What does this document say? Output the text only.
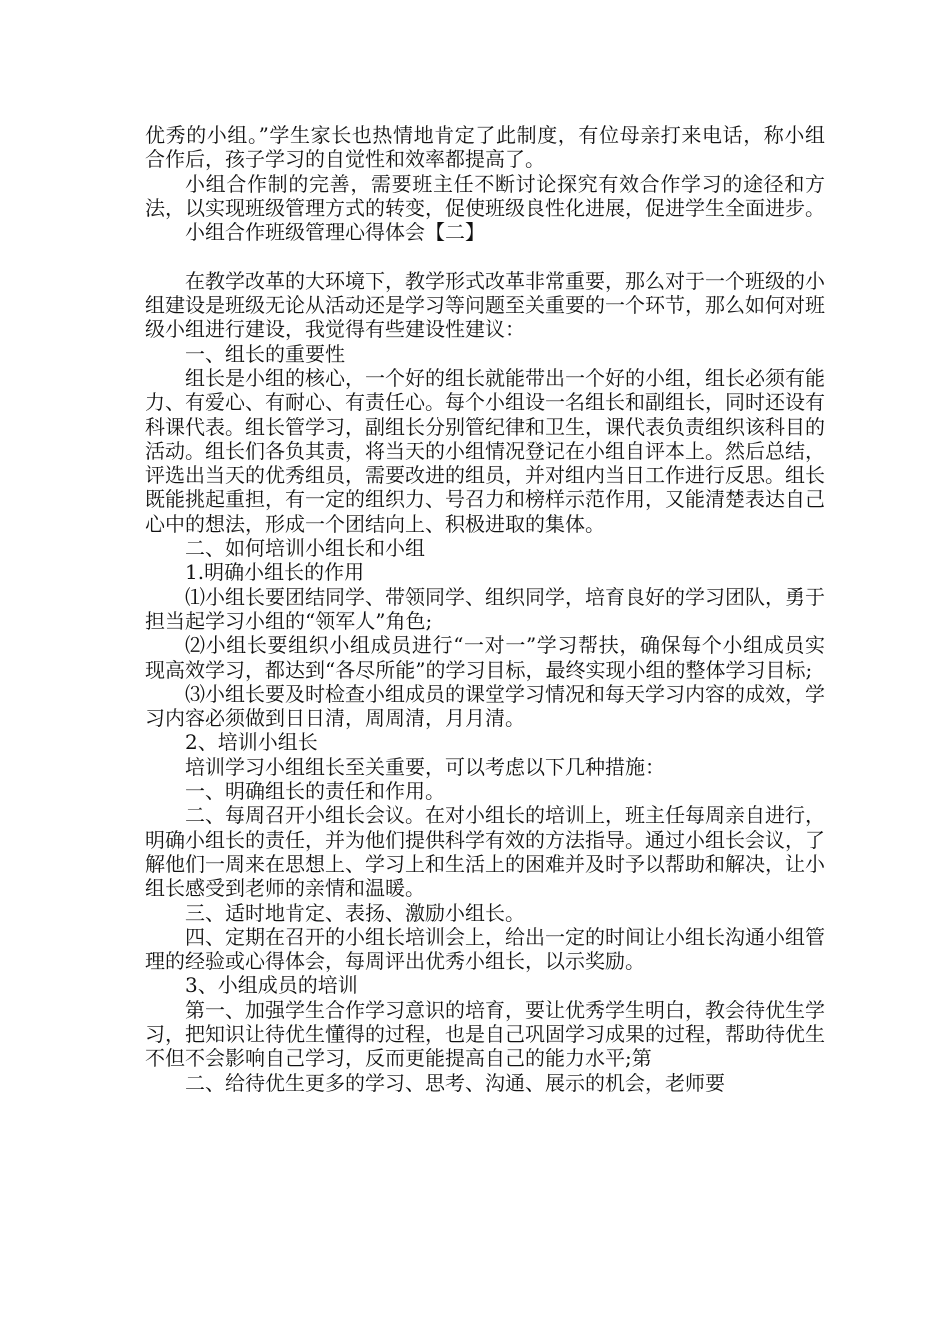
优秀的小组。”学生家长也热情地肯定了此制度，有位母亲打来电话，称小组合作后，孩子学习的自觉性和效率都提高了。

小组合作制的完善，需要班主任不断讨论探究有效合作学习的途径和方法，以实现班级管理方式的转变，促使班级良性化进展，促进学生全面进步。

小组合作班级管理心得体会【二】

在教学改革的大环境下，教学形式改革非常重要，那么对于一个班级的小组建设是班级无论从活动还是学习等问题至关重要的一个环节，那么如何对班级小组进行建设，我觉得有些建设性建议：

一、组长的重要性

组长是小组的核心，一个好的组长就能带出一个好的小组，组长必须有能力、有爱心、有耐心、有责任心。每个小组设一名组长和副组长，同时还设有科课代表。组长管学习，副组长分别管纪律和卫生，课代表负责组织该科目的活动。组长们各负其责，将当天的小组情况登记在小组自评本上。然后总结，评选出当天的优秀组员，需要改进的组员，并对组内当日工作进行反思。组长既能挑起重担，有一定的组织力、号召力和榜样示范作用，又能清楚表达自己心中的想法，形成一个团结向上、积极进取的集体。

二、如何培训小组长和小组

1.明确小组长的作用

⑴小组长要团结同学、带领同学、组织同学，培育良好的学习团队，勇于担当起学习小组的“领军人”角色;

⑵小组长要组织小组成员进行“一对一”学习帮扶，确保每个小组成员实现高效学习，都达到“各尽所能”的学习目标，最终实现小组的整体学习目标;

⑶小组长要及时检查小组成员的课堂学习情况和每天学习内容的成效，学习内容必须做到日日清，周周清，月月清。

2、培训小组长

培训学习小组组长至关重要，可以考虑以下几种措施：

一、明确组长的责任和作用。

二、每周召开小组长会议。在对小组长的培训上，班主任每周亲自进行，明确小组长的责任，并为他们提供科学有效的方法指导。通过小组长会议，了解他们一周来在思想上、学习上和生活上的困难并及时予以帮助和解决，让小组长感受到老师的亲情和温暖。

三、适时地肯定、表扬、激励小组长。

四、定期在召开的小组长培训会上，给出一定的时间让小组长沟通小组管理的经验或心得体会，每周评出优秀小组长，以示奖励。

3、小组成员的培训

第一、加强学生合作学习意识的培育，要让优秀学生明白，教会待优生学习，把知识让待优生懂得的过程，也是自己巩固学习成果的过程，帮助待优生不但不会影响自己学习，反而更能提高自己的能力水平;第

二、给待优生更多的学习、思考、沟通、展示的机会，老师要
